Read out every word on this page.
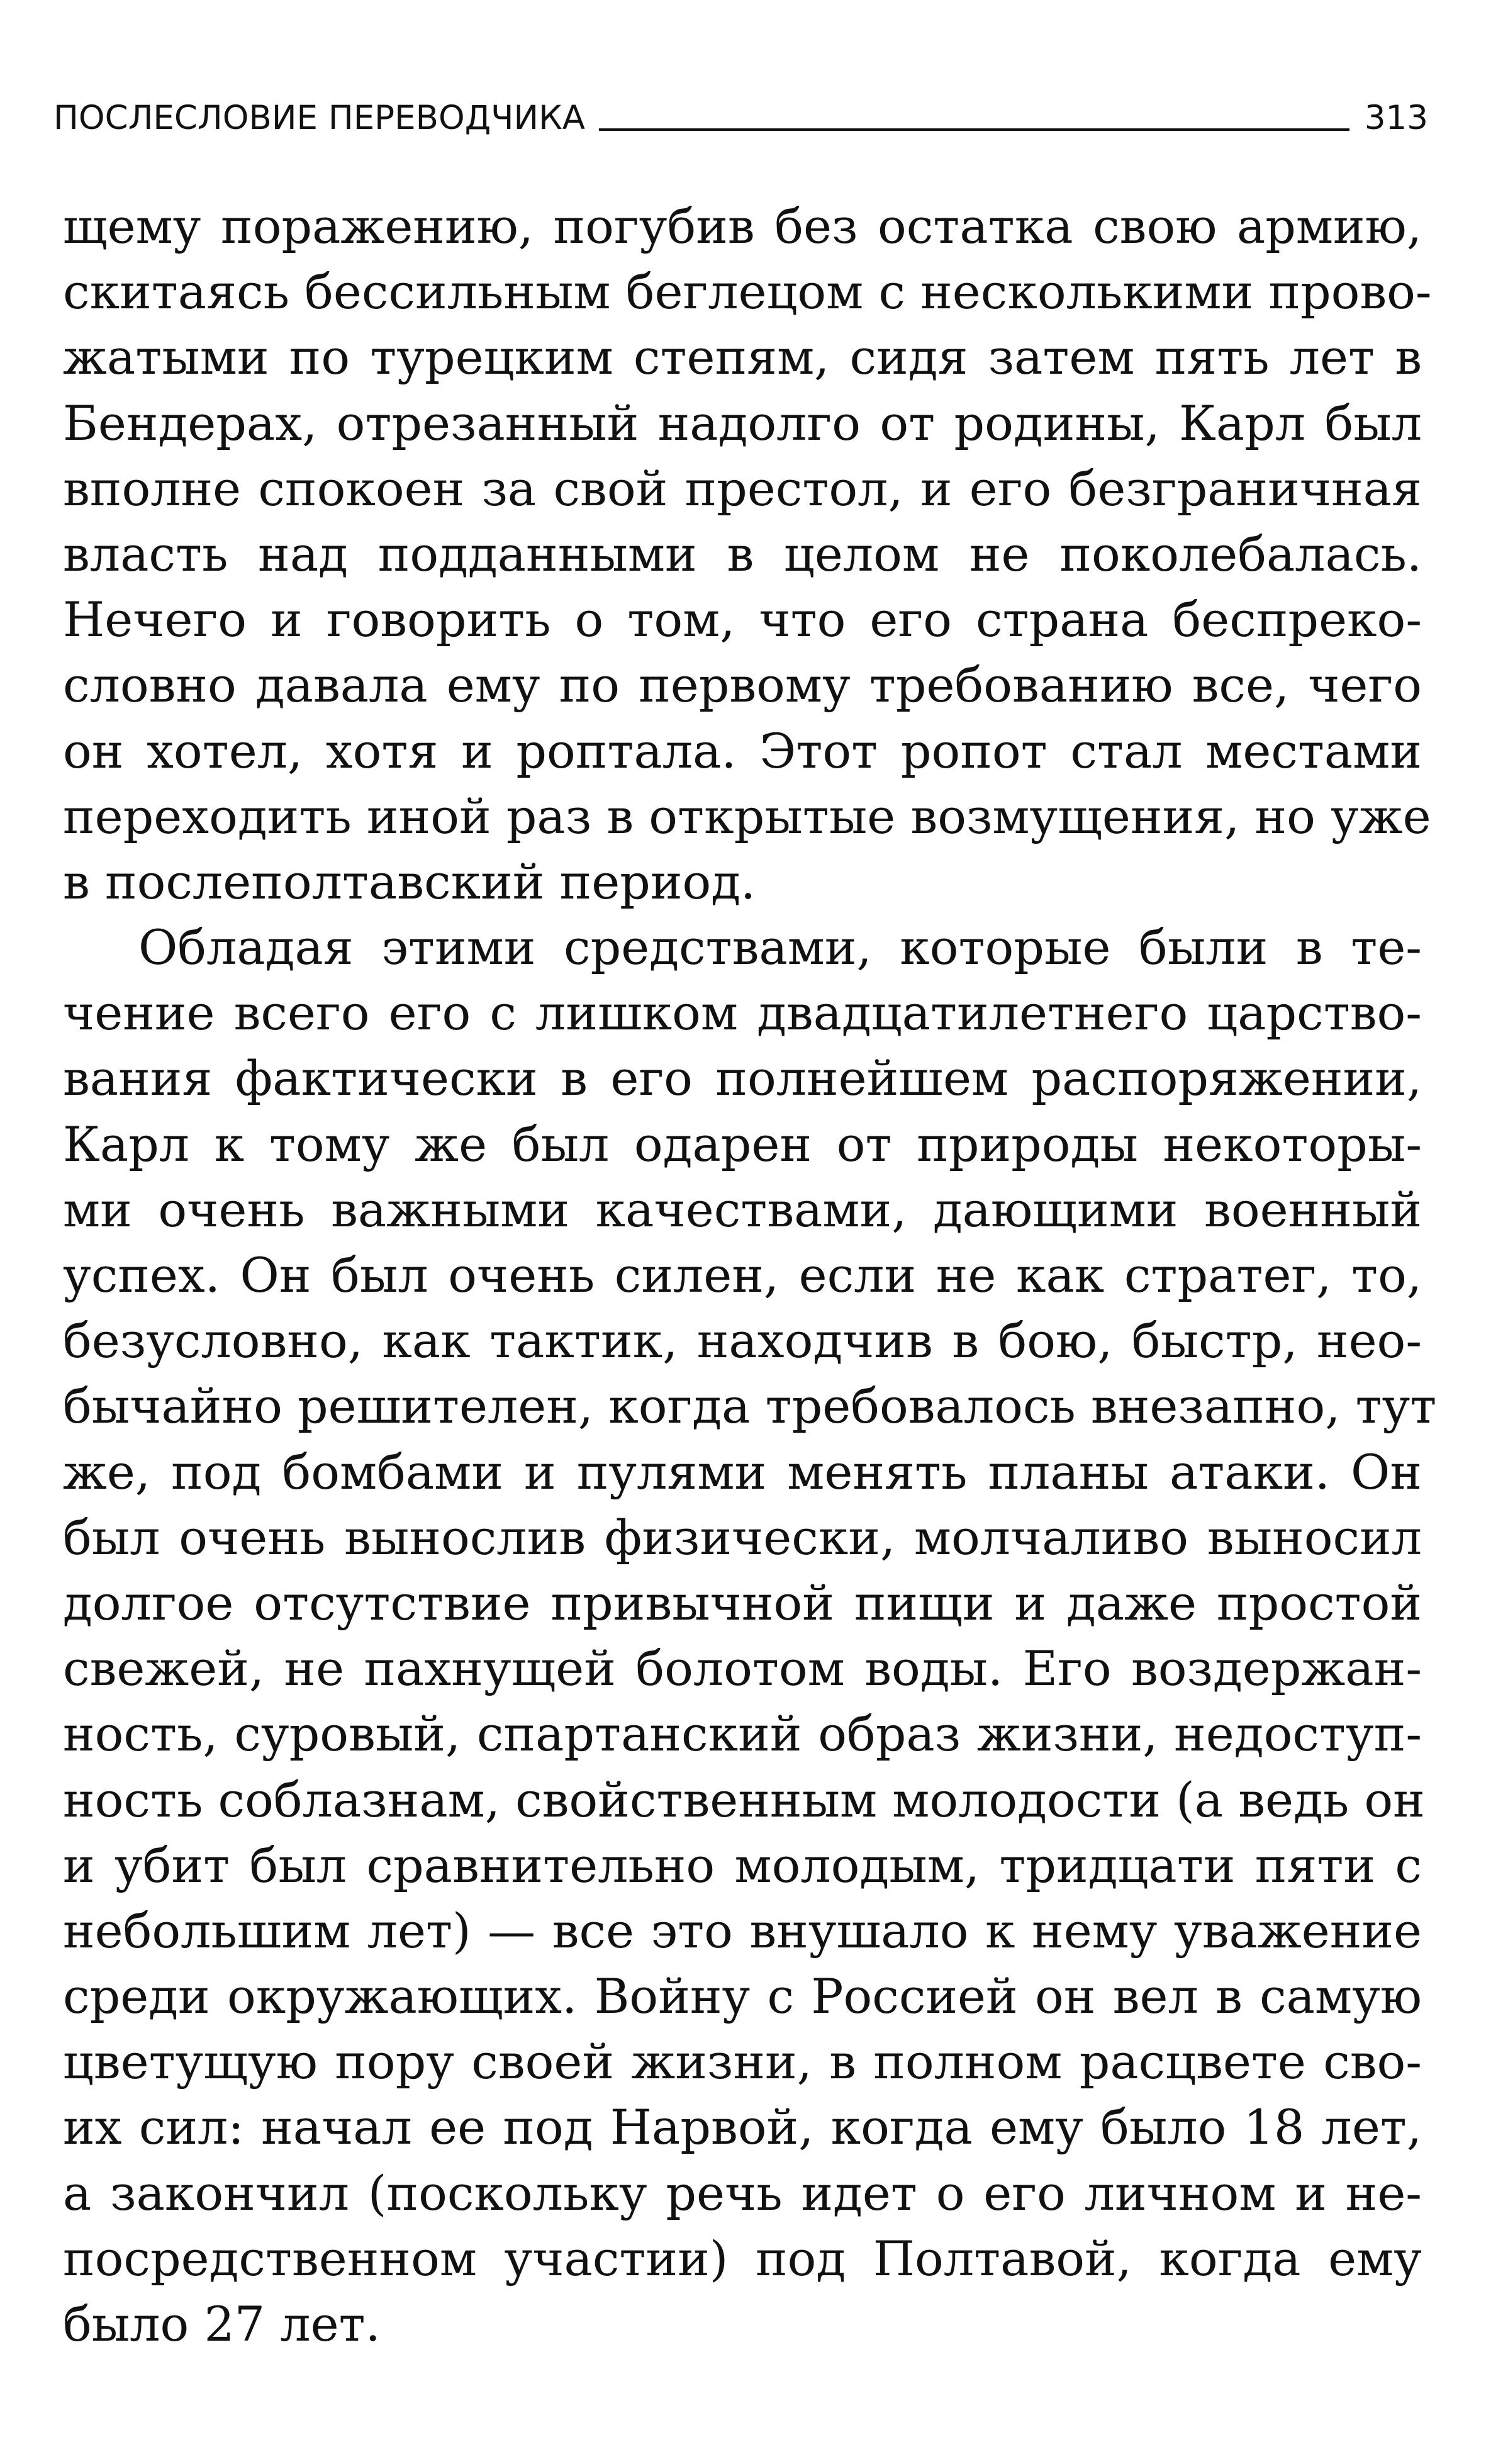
ПОСЛЕСЛОВИЕ ПЕРЕВОДЧИКА	313
щему поражению, погубив без остатка свою армию,
скитаясь бессильным беглецом с несколькими прово-
жатыми по турецким степям, сидя затем пять лет в
Бендерах, отрезанный надолго от родины, Карл был
вполне спокоен за свой престол, и его безграничная
власть над подданными в целом не поколебалась.
Нечего и говорить о том, что его страна беспреко-
словно давала ему по первому требованию все, чего
он хотел, хотя и роптала. Этот ропот стал местами
переходить иной раз в открытые возмущения, но уже
в послеполтавский период.
Обладая этими средствами, которые были в те-
чение всего его с лишком двадцатилетнего царство-
вания фактически в его полнейшем распоряжении,
Карл к тому же был одарен от природы некоторы-
ми очень важными качествами, дающими военный
успех. Он был очень силен, если не как стратег, то,
безусловно, как тактик, находчив в бою, быстр, нео-
бычайно решителен, когда требовалось внезапно, тут
же, под бомбами и пулями менять планы атаки. Он
был очень вынослив физически, молчаливо выносил
долгое отсутствие привычной пищи и даже простой
свежей, не пахнущей болотом воды. Его воздержан-
ность, суровый, спартанский образ жизни, недоступ-
ность соблазнам, свойственным молодости (а ведь он
и убит был сравнительно молодым, тридцати пяти с
небольшим лет) — все это внушало к нему уважение
среди окружающих. Войну с Россией он вел в самую
цветущую пору своей жизни, в полном расцвете сво-
их сил: начал ее под Нарвой, когда ему было 18 лет,
а закончил (поскольку речь идет о его личном и не-
посредственном участии) под Полтавой, когда ему
было 27 лет.
